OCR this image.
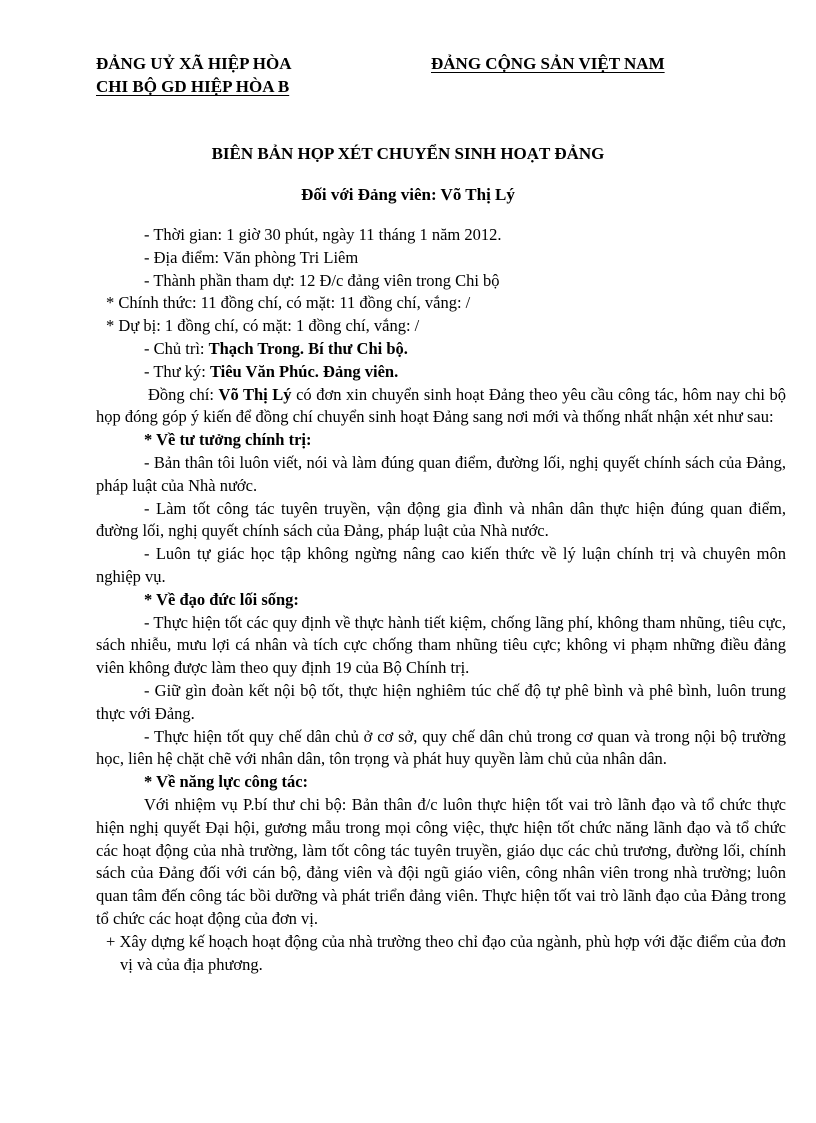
ĐẢNG UỶ XÃ HIỆP HÒA
CHI BỘ GD HIỆP HÒA B
ĐẢNG CỘNG SẢN VIỆT NAM
BIÊN BẢN HỌP XÉT CHUYỂN SINH HOẠT ĐẢNG
Đối với Đảng viên: Võ Thị Lý

- Thời gian: 1 giờ 30 phút, ngày 11 tháng 1 năm 2012.

- Địa điểm: Văn phòng Tri Liêm

- Thành phần tham dự: 12 Đ/c đảng viên trong Chi bộ

* Chính thức: 11 đồng chí, có mặt: 11 đồng chí, vắng: /

* Dự bị: 1 đồng chí, có mặt: 1 đồng chí, vắng: /

- Chủ trì: Thạch Trong. Bí thư Chi bộ.

- Thư ký: Tiêu Văn Phúc. Đảng viên.

Đồng chí: Võ Thị Lý có đơn xin chuyển sinh hoạt Đảng theo yêu cầu công tác, hôm nay chi bộ họp đóng góp ý kiến để đồng chí chuyển sinh hoạt Đảng sang nơi mới và thống nhất nhận xét như sau:

* Về tư tưởng chính trị:

- Bản thân tôi luôn viết, nói và làm đúng quan điểm, đường lối, nghị quyết chính sách của Đảng, pháp luật của Nhà nước.

- Làm tốt công tác tuyên truyền, vận động gia đình và nhân dân thực hiện đúng quan điểm, đường lối, nghị quyết chính sách của Đảng, pháp luật của Nhà nước.

- Luôn tự giác học tập không ngừng nâng cao kiến thức về lý luận chính trị và chuyên môn nghiệp vụ.

* Về đạo đức lối sống:

- Thực hiện tốt các quy định về thực hành tiết kiệm, chống lãng phí, không tham nhũng, tiêu cực, sách nhiễu, mưu lợi cá nhân và tích cực chống tham nhũng tiêu cực; không vi phạm những điều đảng viên không được làm theo quy định 19 của Bộ Chính trị.

- Giữ gìn đoàn kết nội bộ tốt, thực hiện nghiêm túc chế độ tự phê bình và phê bình, luôn trung thực với Đảng.

- Thực hiện tốt quy chế dân chủ ở cơ sở, quy chế dân chủ trong cơ quan và trong nội bộ trường học, liên hệ chặt chẽ với nhân dân, tôn trọng và phát huy quyền làm chủ của nhân dân.

* Về năng lực công tác:

Với nhiệm vụ P.bí thư chi bộ: Bản thân đ/c luôn thực hiện tốt vai trò lãnh đạo và tổ chức thực hiện nghị quyết Đại hội, gương mẫu trong mọi công việc, thực hiện tốt chức năng lãnh đạo và tổ chức các hoạt động của nhà trường, làm tốt công tác tuyên truyền, giáo dục các chủ trương, đường lối, chính sách của Đảng đối với cán bộ, đảng viên và đội ngũ giáo viên, công nhân viên trong nhà trường; luôn quan tâm đến công tác bồi dưỡng và phát triển đảng viên. Thực hiện tốt vai trò lãnh đạo của Đảng trong tổ chức các hoạt động của đơn vị.

+ Xây dựng kế hoạch hoạt động của nhà trường theo chỉ đạo của ngành, phù hợp với đặc điểm của đơn vị và của địa phương.
